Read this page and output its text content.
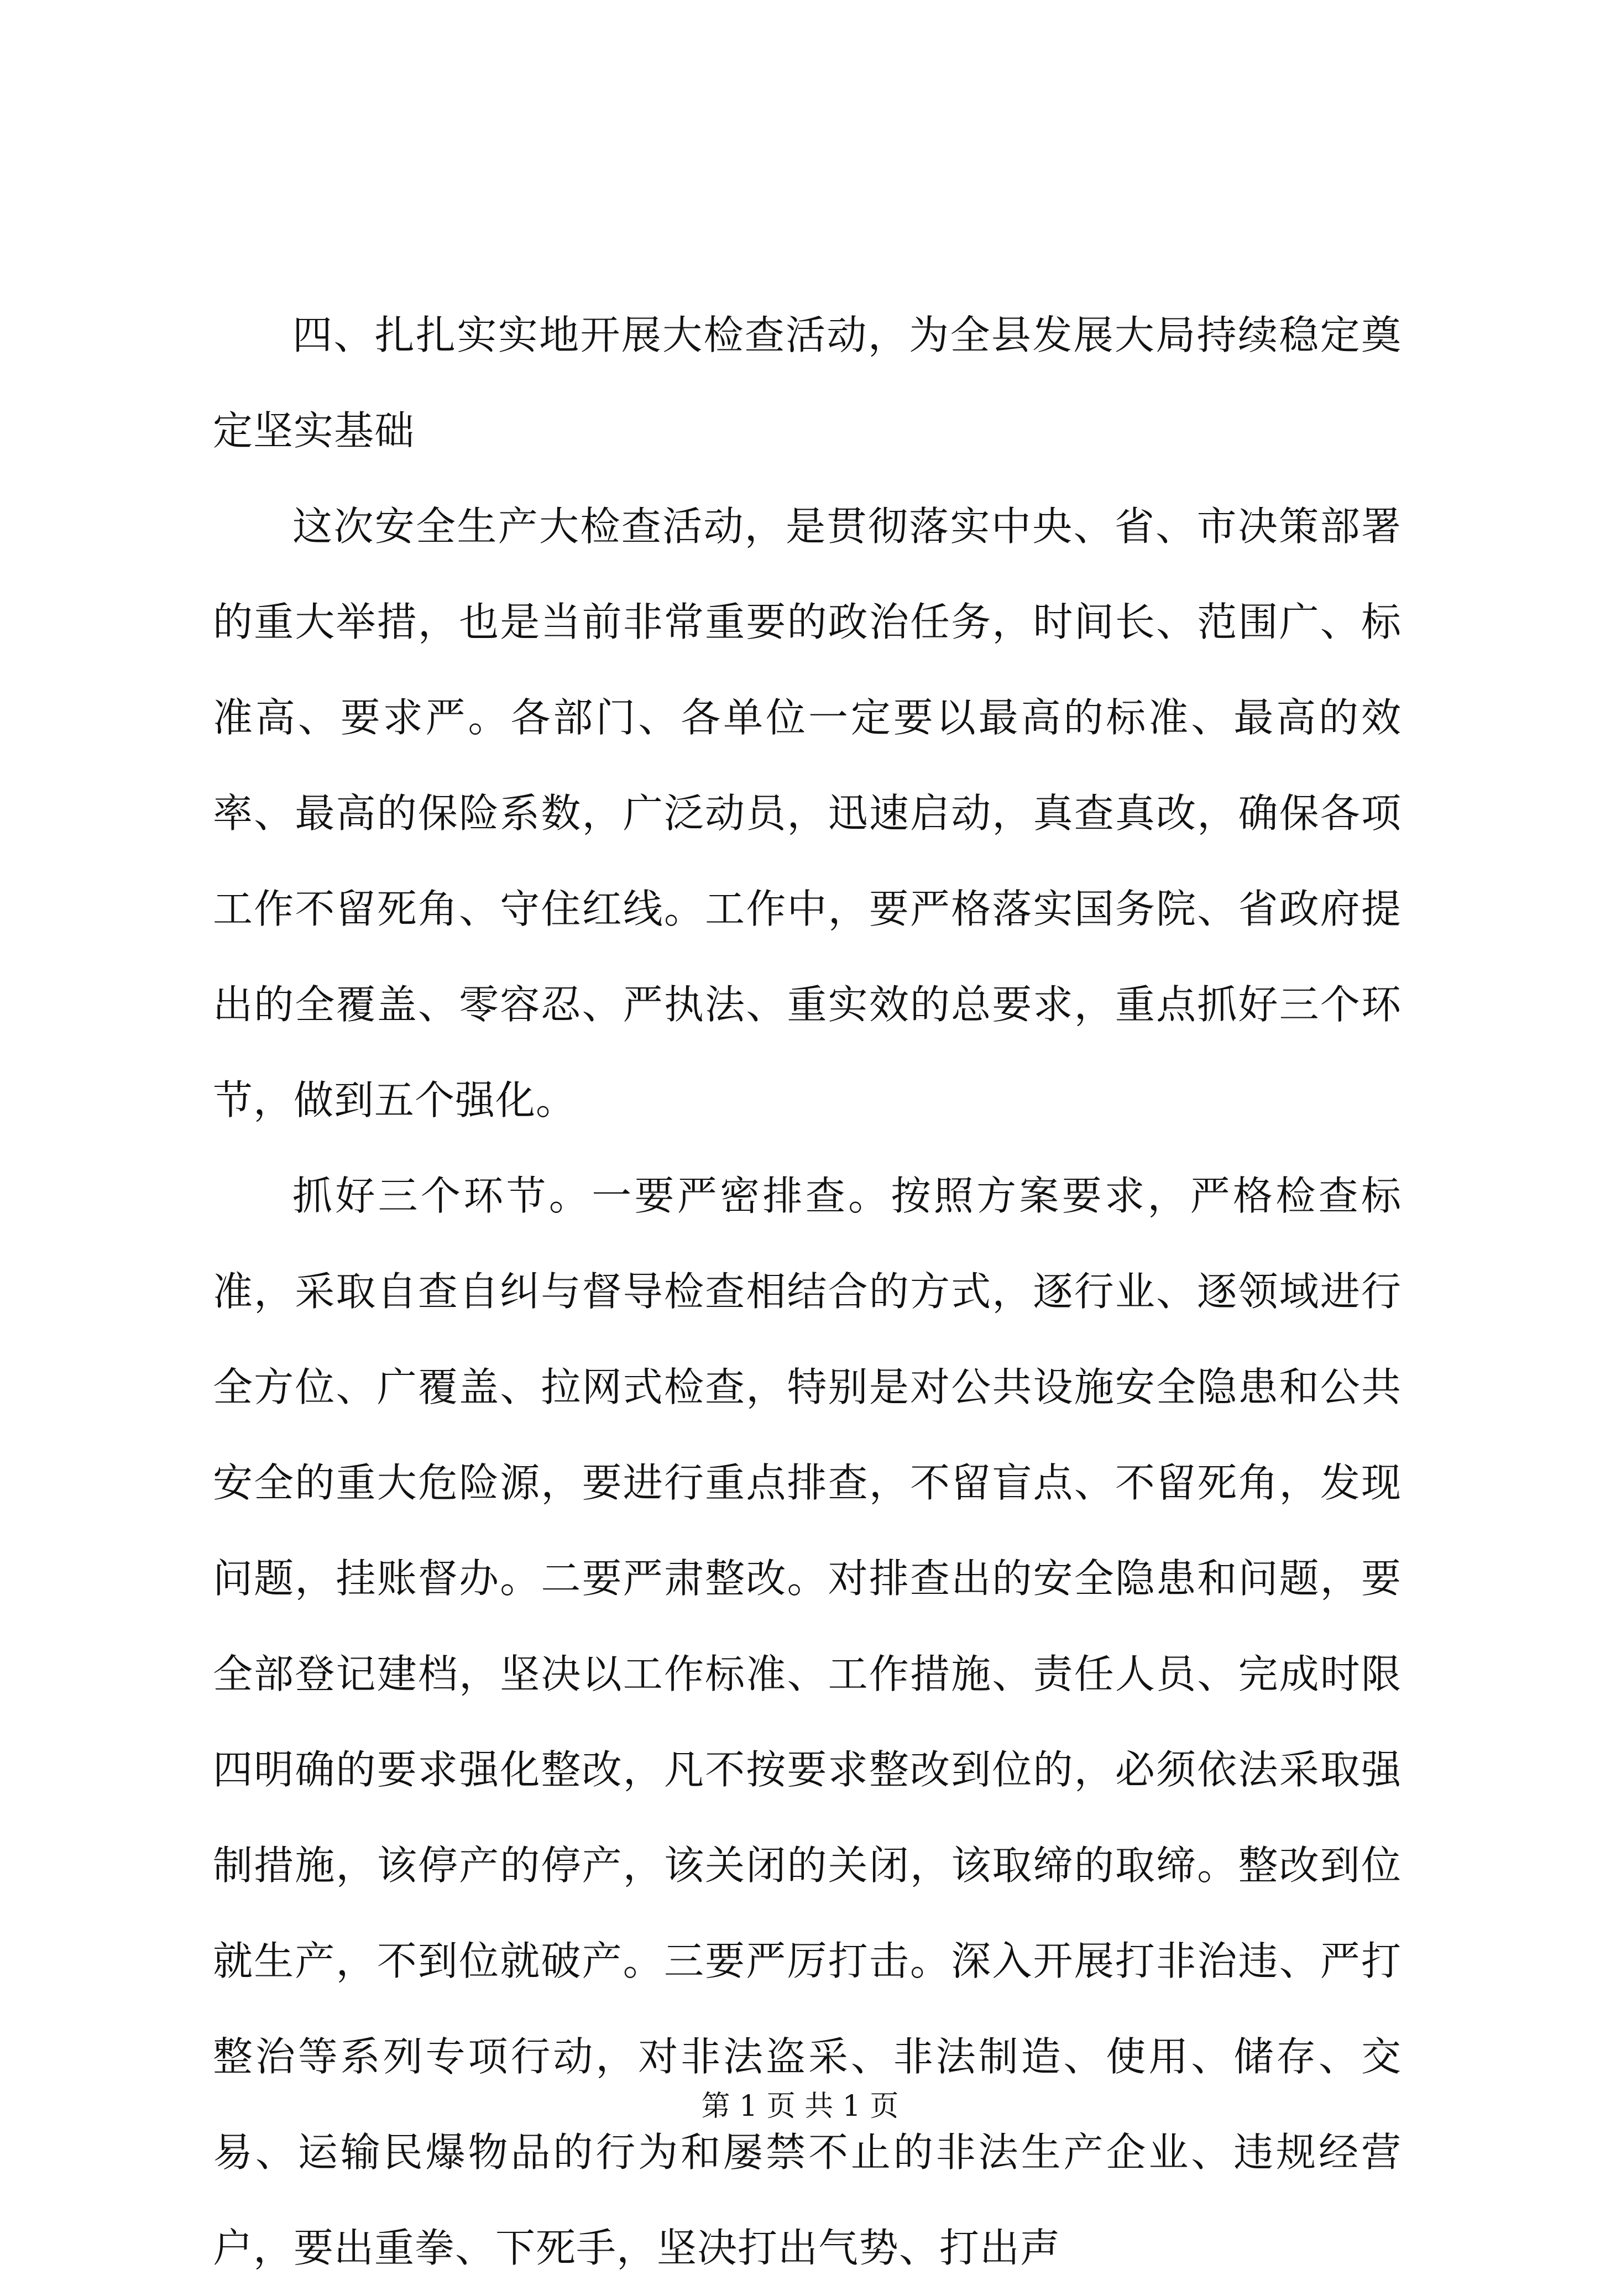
四、扎扎实实地开展大检查活动，为全县发展大局持续稳定奠定坚实基础

这次安全生产大检查活动，是贯彻落实中央、省、市决策部署的重大举措，也是当前非常重要的政治任务，时间长、范围广、标准高、要求严。各部门、各单位一定要以最高的标准、最高的效率、最高的保险系数，广泛动员，迅速启动，真查真改，确保各项工作不留死角、守住红线。工作中，要严格落实国务院、省政府提出的全覆盖、零容忍、严执法、重实效的总要求，重点抓好三个环节，做到五个强化。

抓好三个环节。一要严密排查。按照方案要求，严格检查标准，采取自查自纠与督导检查相结合的方式，逐行业、逐领域进行全方位、广覆盖、拉网式检查，特别是对公共设施安全隐患和公共安全的重大危险源，要进行重点排查，不留盲点、不留死角，发现问题，挂账督办。二要严肃整改。对排查出的安全隐患和问题，要全部登记建档，坚决以工作标准、工作措施、责任人员、完成时限四明确的要求强化整改，凡不按要求整改到位的，必须依法采取强制措施，该停产的停产，该关闭的关闭，该取缔的取缔。整改到位就生产，不到位就破产。三要严厉打击。深入开展打非治违、严打整治等系列专项行动，对非法盗采、非法制造、使用、储存、交易、运输民爆物品的行为和屡禁不止的非法生产企业、违规经营户，要出重拳、下死手，坚决打出气势、打出声

第 1 页 共 1 页
